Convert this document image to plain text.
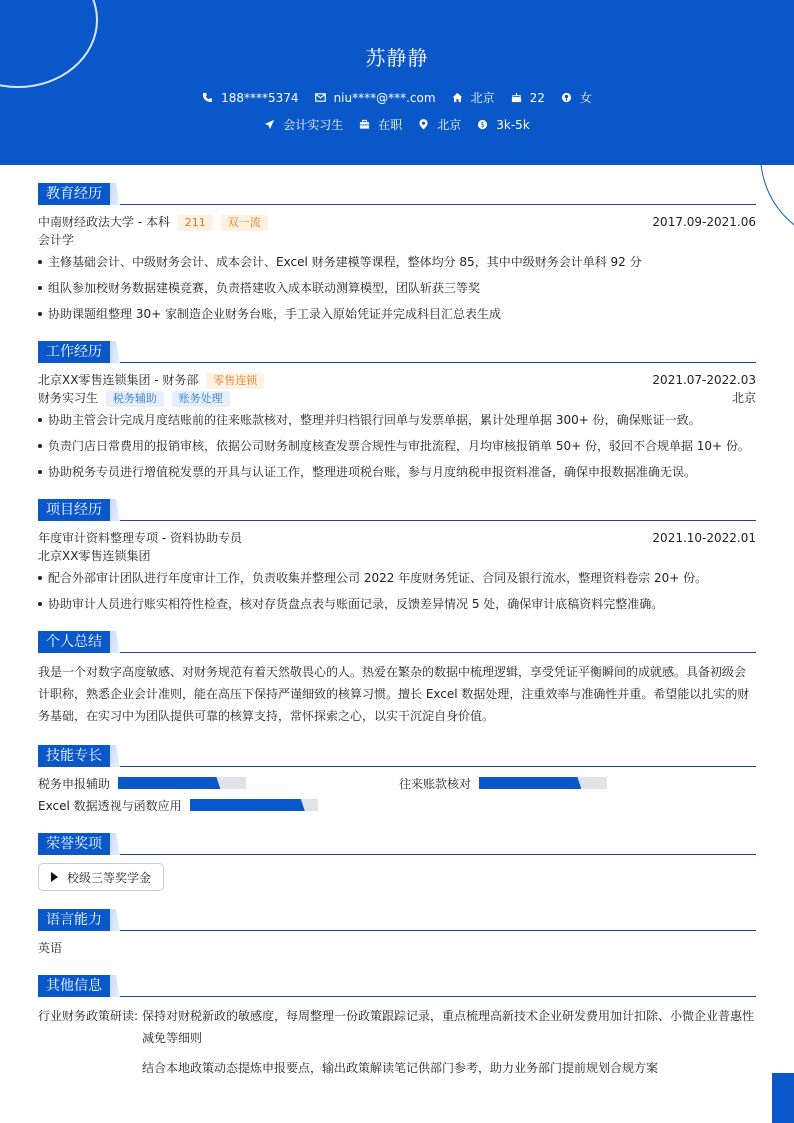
苏静静
188****5374	niu****@***.com	北京	22	女
会计实习生	在职	北京	$ 3k-5k
教育经历
中南财经政法大学 - 本科 211 双一流	2017.09-2021.06
会计学
主修基础会计、中级财务会计、成本会计、Excel 财务建模等课程，整体均分 85，其中中级财务会计单科 92 分
组队参加校财务数据建模竞赛，负责搭建收入成本联动测算模型，团队斩获三等奖
协助课题组整理 30+ 家制造企业财务台账，手工录入原始凭证并完成科目汇总表生成
工作经历
北京XX零售连锁集团 - 财务部 零售连锁	2021.07-2022.03
财务实习生 税务辅助 账务处理	北京
协助主管会计完成月度结账前的往来账款核对，整理并归档银行回单与发票单据，累计处理单据 300+ 份，确保账证一致。
负责门店日常费用的报销审核，依据公司财务制度核查发票合规性与审批流程，月均审核报销单 50+ 份，驳回不合规单据 10+ 份。
协助税务专员进行增值税发票的开具与认证工作，整理进项税台账，参与月度纳税申报资料准备，确保申报数据准确无误。
项目经历
年度审计资料整理专项 - 资料协助专员	2021.10-2022.01
北京XX零售连锁集团
配合外部审计团队进行年度审计工作，负责收集并整理公司 2022 年度财务凭证、合同及银行流水，整理资料卷宗 20+ 份。
协助审计人员进行账实相符性检查，核对存货盘点表与账面记录，反馈差异情况 5 处，确保审计底稿资料完整准确。
个人总结
我是一个对数字高度敏感、对财务规范有着天然敬畏心的人。热爱在繁杂的数据中梳理逻辑，享受凭证平衡瞬间的成就感。具备初级会计职称，熟悉企业会计准则，能在高压下保持严谨细致的核算习惯。擅长 Excel 数据处理，注重效率与准确性并重。希望能以扎实的财务基础，在实习中为团队提供可靠的核算支持，常怀探索之心，以实干沉淀自身价值。
技能专长
税务申报辅助	往来账款核对
Excel 数据透视与函数应用
荣誉奖项
校级三等奖学金
语言能力
英语
其他信息
行业财务政策研读: 保持对财税新政的敏感度，每周整理一份政策跟踪记录，重点梳理高新技术企业研发费用加计扣除、小微企业普惠性减免等细则
结合本地政策动态提炼申报要点，输出政策解读笔记供部门参考，助力业务部门提前规划合规方案
